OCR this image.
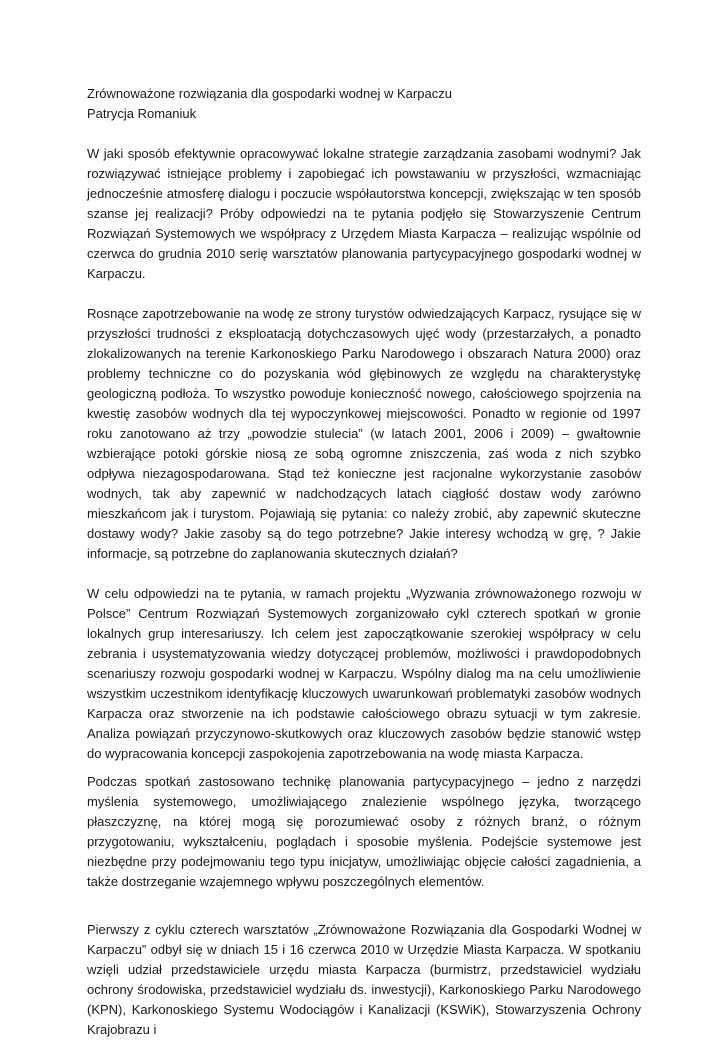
Zrównoważone rozwiązania dla gospodarki wodnej w Karpaczu

Patrycja Romaniuk

W jaki sposób efektywnie opracowywać lokalne strategie zarządzania zasobami wodnymi? Jak rozwiązywać istniejące problemy i zapobiegać ich powstawaniu w przyszłości, wzmacniając jednocześnie atmosferę dialogu i poczucie współautorstwa koncepcji, zwiększając w ten sposób szanse jej realizacji? Próby odpowiedzi na te pytania podjęło się Stowarzyszenie Centrum Rozwiązań Systemowych we współpracy z Urzędem Miasta Karpacza – realizując wspólnie od czerwca do grudnia 2010 serię warsztatów planowania partycypacyjnego gospodarki wodnej w Karpaczu.

Rosnące zapotrzebowanie na wodę ze strony turystów odwiedzających Karpacz, rysujące się w przyszłości trudności z eksploatacją dotychczasowych ujęć wody (przestarzałych, a ponadto zlokalizowanych na terenie Karkonoskiego Parku Narodowego i obszarach Natura 2000) oraz problemy techniczne co do pozyskania wód głębinowych ze względu na charakterystykę geologiczną podłoża. To wszystko powoduje konieczność nowego, całościowego spojrzenia na kwestię zasobów wodnych dla tej wypoczynkowej miejscowości. Ponadto w regionie od 1997 roku zanotowano aż trzy „powodzie stulecia” (w latach 2001, 2006 i 2009) – gwałtownie wzbierające potoki górskie niosą ze sobą ogromne zniszczenia, zaś woda z nich szybko odpływa niezagospodarowana. Stąd też konieczne jest racjonalne wykorzystanie zasobów wodnych, tak aby zapewnić w nadchodzących latach ciągłość dostaw wody zarówno mieszkańcom jak i turystom. Pojawiają się pytania: co należy zrobić, aby zapewnić skuteczne dostawy wody? Jakie zasoby są do tego potrzebne? Jakie interesy wchodzą w grę, ? Jakie informacje, są potrzebne do zaplanowania skutecznych działań?

W celu odpowiedzi na te pytania, w ramach projektu „Wyzwania zrównoważonego rozwoju w Polsce” Centrum Rozwiązań Systemowych zorganizowało cykl czterech spotkań w gronie lokalnych grup interesariuszy. Ich celem jest zapoczątkowanie szerokiej współpracy w celu zebrania i usystematyzowania wiedzy dotyczącej problemów, możliwości i prawdopodobnych scenariuszy rozwoju gospodarki wodnej w Karpaczu. Wspólny dialog ma na celu umożliwienie wszystkim uczestnikom identyfikację kluczowych uwarunkowań problematyki zasobów wodnych Karpacza oraz stworzenie na ich podstawie całościowego obrazu sytuacji w tym zakresie. Analiza powiązań przyczynowo-skutkowych oraz kluczowych zasobów będzie stanowić wstęp do wypracowania koncepcji zaspokojenia zapotrzebowania na wodę miasta Karpacza.

Podczas spotkań zastosowano technikę planowania partycypacyjnego – jedno z narzędzi myślenia systemowego, umożliwiającego znalezienie wspólnego języka, tworzącego płaszczyznę, na której mogą się porozumiewać osoby z różnych branż, o różnym przygotowaniu, wykształceniu, poglądach i sposobie myślenia. Podejście systemowe jest niezbędne przy podejmowaniu tego typu inicjatyw, umożliwiając objęcie całości zagadnienia, a także dostrzeganie wzajemnego wpływu poszczególnych elementów.

Pierwszy z cyklu czterech warsztatów „Zrównoważone Rozwiązania dla Gospodarki Wodnej w Karpaczu” odbył się w dniach 15 i 16 czerwca 2010 w Urzędzie Miasta Karpacza. W spotkaniu wzięli udział przedstawiciele urzędu miasta Karpacza (burmistrz, przedstawiciel wydziału ochrony środowiska, przedstawiciel wydziału ds. inwestycji), Karkonoskiego Parku Narodowego (KPN), Karkonoskiego Systemu Wodociągów i Kanalizacji (KSWiK), Stowarzyszenia Ochrony Krajobrazu i
